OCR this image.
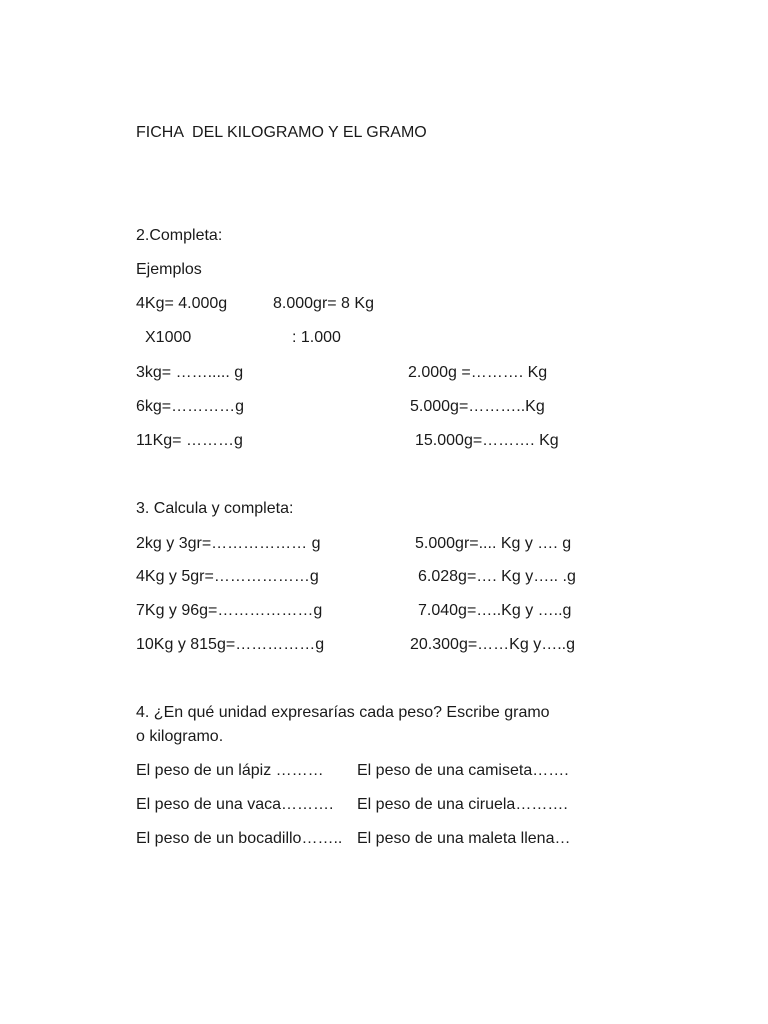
FICHA  DEL KILOGRAMO Y EL GRAMO
2.Completa:
Ejemplos
4Kg= 4.000g	8.000gr= 8 Kg
X1000	: 1.000
3kg= ……..... g	2.000g =………. Kg
6kg=…………g	5.000g=………..Kg
11Kg= ………g	15.000g=………. Kg
3. Calcula y completa:
2kg y 3gr=……………… g	5.000gr=.... Kg y …. g
4Kg y 5gr=………………g	6.028g=…. Kg y….. .g
7Kg y 96g=………………g	7.040g=…..Kg y …..g
10Kg y 815g=……………g	20.300g=……Kg y…..g
4. ¿En qué unidad expresarías cada peso? Escribe gramo
o kilogramo.
El peso de un lápiz ……… El peso de una camiseta…….
El peso de una vaca………. El peso de una ciruela……….
El peso de un bocadillo…….. El peso de una maleta llena…
